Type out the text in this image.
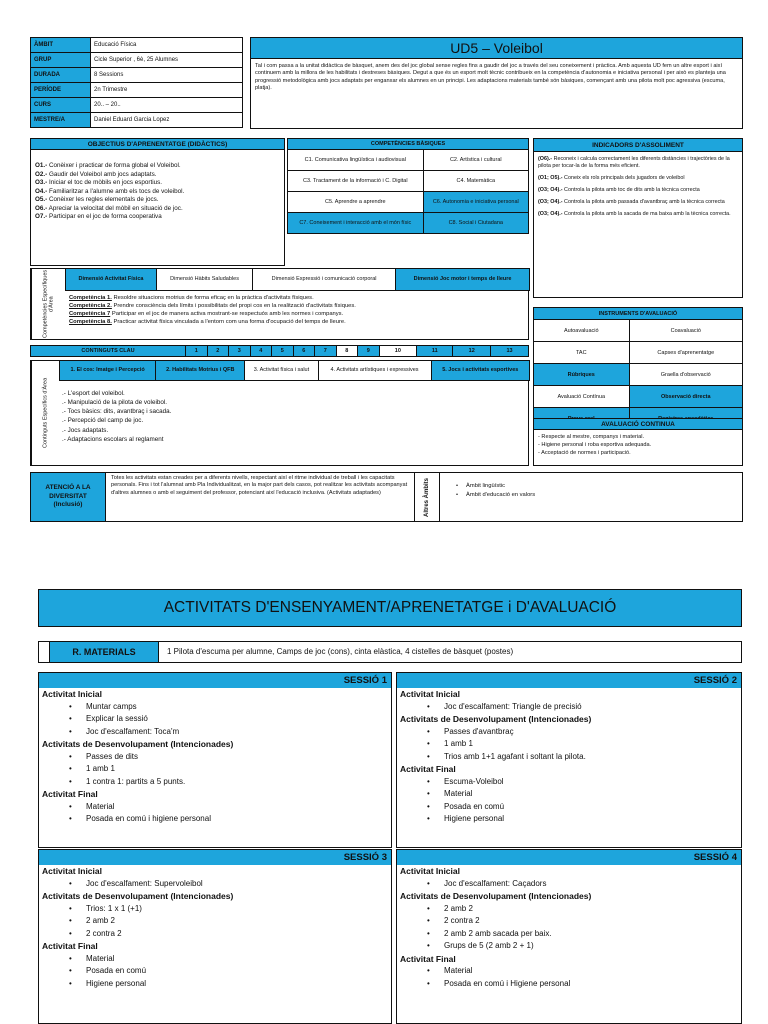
ÀMBIT	Educació Física
GRUP	Cicle Superior , 6è, 25 Alumnes
DURADA	8 Sessions
PERÍODE	2n Trimestre
CURS	20.. – 20..
MESTRE/A	Daniel Eduard Garcia Lopez
UD5 – Voleibol
Tal i com passa a la unitat didàctica de bàsquet, anem des del joc global sense regles fins a gaudir del joc a través del seu coneixement i pràctica. Amb aquesta UD fem un altre esport i així continuem amb la millora de les habilitats i destreses bàsiques. Degut a que és un esport molt tècnic contribueix en la competència d'autonomia e iniciativa personal i per això es planteja una progressió metodològica amb jocs adaptats per enganxar els alumnes en un principi. Les adaptacions materials també són bàsiques, començant amb una pilota molt poc agressiva (escuma, platja).
OBJECTIUS D'APRENENTATGE (DIDÀCTICS)
O1.- Conèixer i practicar de forma global el Voleibol.
O2.- Gaudir del Voleibol amb jocs adaptats.
O3.- Iniciar el toc de mòbils en jocs esportius.
O4.- Familiaritzar a l'alumne amb els tocs de voleibol.
O5.- Conèixer les regles elementals de jocs.
O6.- Apreciar la velocitat del mòbil en situació de joc.
O7.- Participar en el joc de forma cooperativa
COMPETÈNCIES BÀSIQUES	
C1. Comunicativa lingüística i audiovisual	C2. Artística i cultural
C3. Tractament de la informació i C. Digital	C4. Matemàtica
C5. Aprendre a aprendre	C6. Autonomia e iniciativa personal
C7. Coneixement i interacció amb el món físic	C8. Social i Ciutadana
INDICADORS D'ASSOLIMENT
(O6).- Reconeix i calcula correctament les diferents distàncies i trajectòries de la pilota per tocar-la de la forma més eficient.
(O1; O5).- Coneix els rols principals dels jugadors de voleibol
(O3; O4).- Controla la pilota amb toc de dits amb la tècnica correcta
(O3; O4).- Controla la pilota amb passada d'avantbraç amb la tècnica correcta
(O3; O4).- Controla la pilota amb la sacada de ma baixa amb la tècnica correcta.
Competències Específiques d'Àrea
Dimensió Activitat Física	Dimensió Hàbits Saludables	Dimensió Expressió i comunicació corporal	Dimensió Joc motor i temps de lleure
Competència 1. Resoldre situacions motrius de forma eficaç en la pràctica d'activitats físiques.
Competència 2. Prendre consciència dels límits i possibilitats del propi cos en la realització d'activitats físiques.
Competència 7 Participar en el joc de manera activa mostrant-se respectuós amb les normes i companys.
Competència 8. Practicar activitat física vinculada a l'entorn com una forma d'ocupació del temps de lleure.
INSTRUMENTS D'AVALUACIÓ	
Autoavaluació	Coavaluació
TAC	Capses d'aprenentatge
Rúbriques	Graella d'observació
Avaluació Contínua	Observació directa

AVALUACIÓ CONTINUA
- Respecte al mestre, companys i material.
- Higiene personal i roba esportiva adequada.
- Acceptació de normes i participació.
CONTINGUTS CLAU	1	2	3	4	5	6	7	8	9	10	11	12	13
Continguts Específics d'Àrea
1. El cos: Imatge i Percepció	2. Habilitats Motrius i QFB	3. Activitat física i salut	4. Activitats artístiques i expressives	5. Jocs i activitats esportives
.- L'esport del voleibol.
.- Manipulació de la pilota de voleibol.
.- Tocs bàsics: dits, avantbraç i sacada.
.- Percepció del camp de joc.
.- Jocs adaptats.
.- Adaptacions escolars al reglament
ATENCIÓ A LA DIVERSITAT (Inclusió)
Totes les activitats estan creades per a diferents nivells, respectant així el ritme individual de treball i les capacitats personals. Fins i tot l'alumnat amb Pla Individualitzat, en la major part dels casos, pot realitzar les activitats acompanyat d'altres alumnes o amb el seguiment del professor, potenciant així l'educació inclusiva. (Activitats adaptades)	Altres Àmbits	• Àmbit lingüístic
• Àmbit d'educació en valors
ACTIVITATS D'ENSENYAMENT/APRENETATGE i D'AVALUACIÓ
R. MATERIALS	1 Pilota d'escuma per alumne, Camps de joc (cons), cinta elàstica, 4 cistelles de bàsquet (postes)
SESSIÓ 1
Activitat Inicial
• Muntar camps
• Explicar la sessió
• Joc d'escalfament: Toca'm
Activitats de Desenvolupament (Intencionades)
• Passes de dits
• 1 amb 1
• 1 contra 1: partits a 5 punts.
Activitat Final
• Material
• Posada en comú i higiene personal
SESSIÓ 2
Activitat Inicial
• Joc d'escalfament: Triangle de precisió
Activitats de Desenvolupament (Intencionades)
• Passes d'avantbraç
• 1 amb 1
• Trios amb 1+1 agafant i soltant la pilota.
Activitat Final
• Escuma-Voleibol
• Material
• Posada en comú
• Higiene personal
SESSIÓ 3
Activitat Inicial
• Joc d'escalfament: Supervoleibol
Activitats de Desenvolupament (Intencionades)
• Trios: 1 x 1 (+1)
• 2 amb 2
• 2 contra 2
Activitat Final
• Material
• Posada en comú
• Higiene personal
SESSIÓ 4
Activitat Inicial
• Joc d'escalfament: Caçadors
Activitats de Desenvolupament (Intencionades)
• 2 amb 2
• 2 contra 2
• 2 amb 2 amb sacada per baix.
• Grups de 5 (2 amb 2 + 1)
Activitat Final
• Material
• Posada en comú i Higiene personal
